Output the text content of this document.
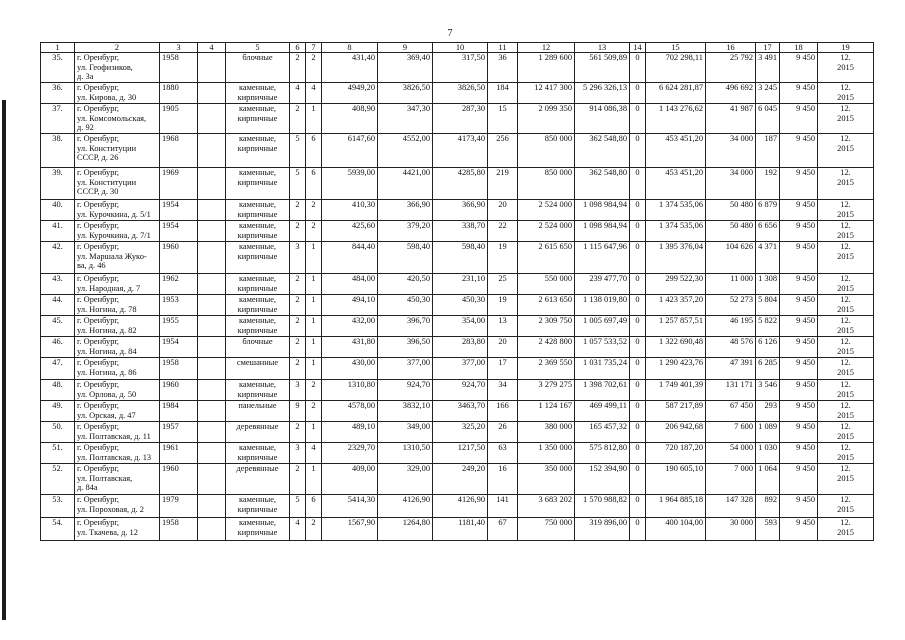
7
1	2	3	4	5	6	7	8	9	10	11	12	13	14	15	16	17	18	19
35.	г. Оренбург,
ул. Геофизиков,
д. 3а	1958		блочные	2	2	431,40	369,40	317,50	36	1 289 600	561 509,89	0	702 298,11	25 792	3 491	9 450	12.
2015
36.	г. Оренбург,
ул. Кирова, д. 30	1880		каменные,
кирпичные	4	4	4949,20	3826,50	3826,50	184	12 417 300	5 296 326,13	0	6 624 281,87	496 692	3 245	9 450	12.
2015
37.	г. Оренбург,
ул. Комсомольская,
д. 92	1905		каменные,
кирпичные	2	1	408,90	347,30	287,30	15	2 099 350	914 086,38	0	1 143 276,62	41 987	6 045	9 450	12.
2015
38.	г. Оренбург,
ул. Конституции
СССР, д. 26	1968		каменные,
кирпичные	5	6	6147,60	4552,00	4173,40	256	850 000	362 548,80	0	453 451,20	34 000	187	9 450	12.
2015
39.	г. Оренбург,
ул. Конституции
СССР, д. 30	1969		каменные,
кирпичные	5	6	5939,00	4421,00	4285,80	219	850 000	362 548,80	0	453 451,20	34 000	192	9 450	12.
2015
40.	г. Оренбург,
ул. Курочкина, д. 5/1	1954		каменные,
кирпичные	2	2	410,30	366,90	366,90	20	2 524 000	1 098 984,94	0	1 374 535,06	50 480	6 879	9 450	12.
2015
41.	г. Оренбург,
ул. Курочкина, д. 7/1	1954		каменные,
кирпичные	2	2	425,60	379,20	338,70	22	2 524 000	1 098 984,94	0	1 374 535,06	50 480	6 656	9 450	12.
2015
42.	г. Оренбург,
ул. Маршала Жуко-
ва, д. 46	1960		каменные,
кирпичные	3	1	844,40	598,40	598,40	19	2 615 650	1 115 647,96	0	1 395 376,04	104 626	4 371	9 450	12.
2015
43.	г. Оренбург,
ул. Народная, д. 7	1962		каменные,
кирпичные	2	1	484,00	420,50	231,10	25	550 000	239 477,70	0	299 522,30	11 000	1 308	9 450	12.
2015
44.	г. Оренбург,
ул. Ногина, д. 78	1953		каменные,
кирпичные	2	1	494,10	450,30	450,30	19	2 613 650	1 138 019,80	0	1 423 357,20	52 273	5 804	9 450	12.
2015
45.	г. Оренбург,
ул. Ногина, д. 82	1955		каменные,
кирпичные	2	1	432,00	396,70	354,00	13	2 309 750	1 005 697,49	0	1 257 857,51	46 195	5 822	9 450	12.
2015
46.	г. Оренбург,
ул. Ногина, д. 84	1954		блочные	2	1	431,80	396,50	283,80	20	2 428 800	1 057 533,52	0	1 322 690,48	48 576	6 126	9 450	12.
2015
47.	г. Оренбург,
ул. Ногина, д. 86	1958		смешанные	2	1	430,00	377,00	377,00	17	2 369 550	1 031 735,24	0	1 290 423,76	47 391	6 285	9 450	12.
2015
48.	г. Оренбург,
ул. Орлова, д. 50	1960		каменные,
кирпичные	3	2	1310,80	924,70	924,70	34	3 279 275	1 398 702,61	0	1 749 401,39	131 171	3 546	9 450	12.
2015
49.	г. Оренбург,
ул. Орская, д. 47	1984		панельные	9	2	4578,00	3832,10	3463,70	166	1 124 167	469 499,11	0	587 217,89	67 450	293	9 450	12.
2015
50.	г. Оренбург,
ул. Полтавская, д. 11	1957		деревянные	2	1	489,10	349,00	325,20	26	380 000	165 457,32	0	206 942,68	7 600	1 089	9 450	12.
2015
51.	г. Оренбург,
ул. Полтавская, д. 13	1961		каменные,
кирпичные	3	4	2329,70	1310,50	1217,50	63	1 350 000	575 812,80	0	720 187,20	54 000	1 030	9 450	12.
2015
52.	г. Оренбург,
ул. Полтавская,
д. 84а	1960		деревянные	2	1	409,00	329,00	249,20	16	350 000	152 394,90	0	190 605,10	7 000	1 064	9 450	12.
2015
53.	г. Оренбург,
ул. Пороховая, д. 2	1979		каменные,
кирпичные	5	6	5414,30	4126,90	4126,90	141	3 683 202	1 570 988,82	0	1 964 885,18	147 328	892	9 450	12.
2015
54.	г. Оренбург,
ул. Ткачева, д. 12	1958		каменные,
кирпичные	4	2	1567,90	1264,80	1181,40	67	750 000	319 896,00	0	400 104,00	30 000	593	9 450	12.
2015
